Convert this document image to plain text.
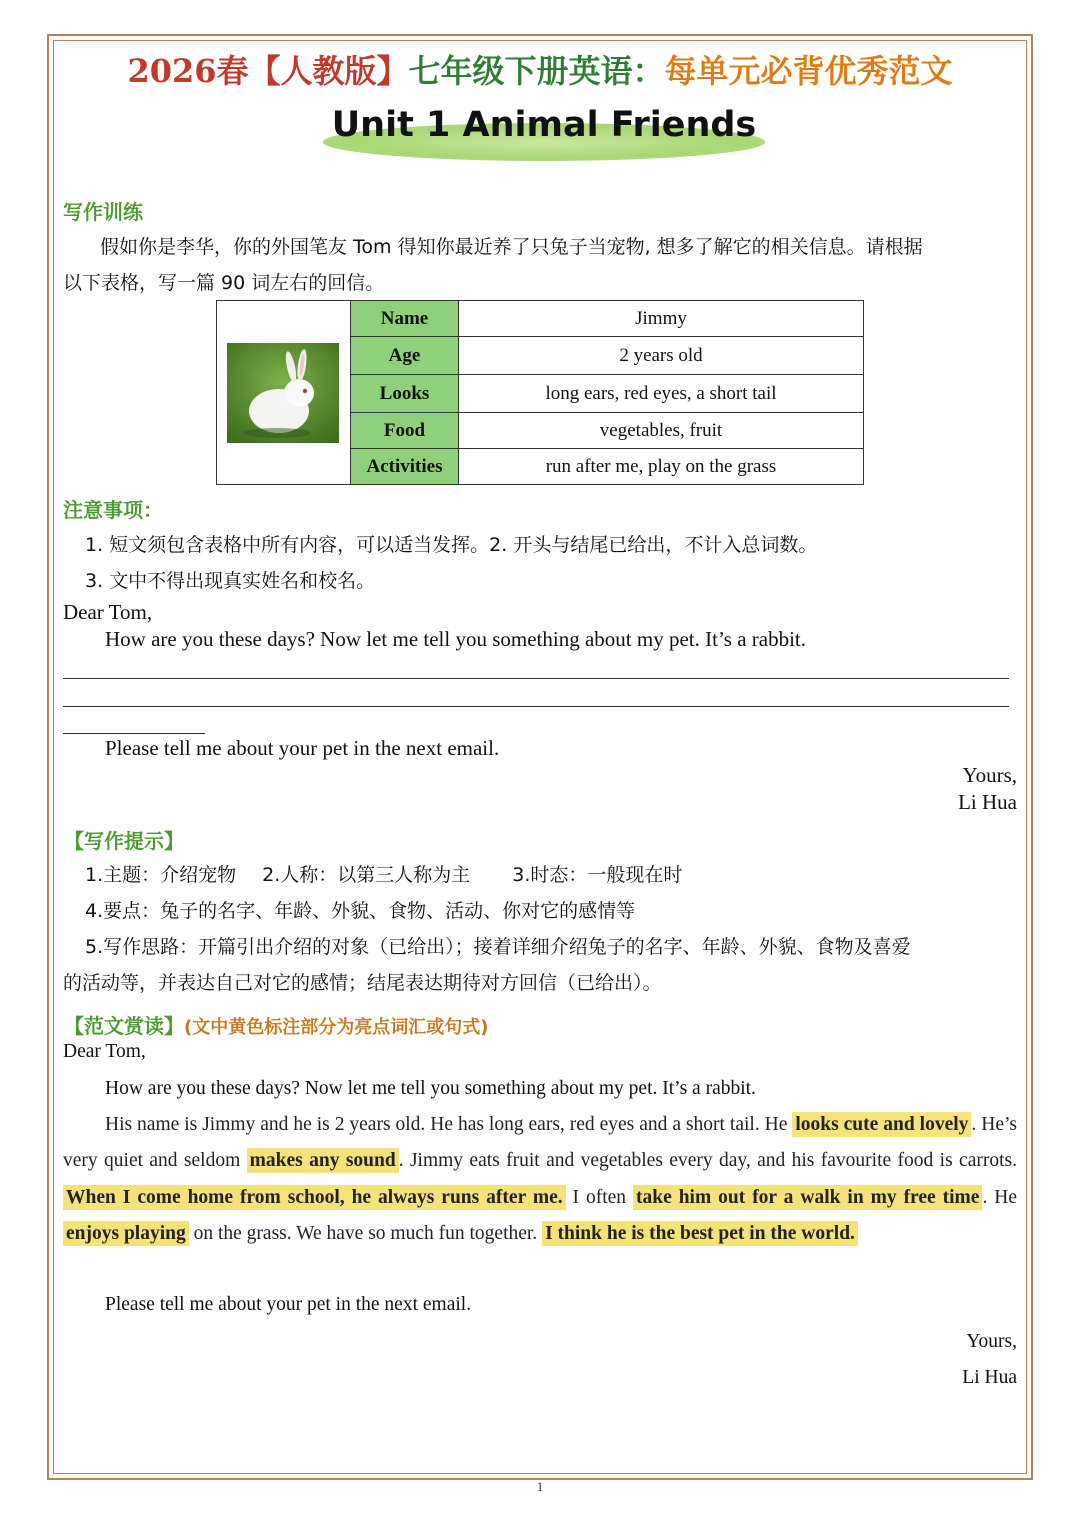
2026春【人教版】七年级下册英语：每单元必背优秀范文
Unit 1 Animal Friends
写作训练
假如你是李华，你的外国笔友 Tom 得知你最近养了只兔子当宠物, 想多了解它的相关信息。请根据
以下表格，写一篇 90 词左右的回信。
Name	Jimmy
Age	2 years old
Looks	long ears, red eyes, a short tail
Food	vegetables, fruit
Activities	run after me, play on the grass
注意事项：
1. 短文须包含表格中所有内容，可以适当发挥。2. 开头与结尾已给出，不计入总词数。
3. 文中不得出现真实姓名和校名。
Dear Tom,
How are you these days? Now let me tell you something about my pet. It’s a rabbit.
Please tell me about your pet in the next email.
Yours,
Li Hua
【写作提示】
1.主题：介绍宠物 2.人称：以第三人称为主 3.时态：一般现在时
4.要点：兔子的名字、年龄、外貌、食物、活动、你对它的感情等
5.写作思路：开篇引出介绍的对象（已给出）；接着详细介绍兔子的名字、年龄、外貌、食物及喜爱
的活动等，并表达自己对它的感情；结尾表达期待对方回信（已给出）。
【范文赏读】(文中黄色标注部分为亮点词汇或句式)
Dear Tom,
How are you these days? Now let me tell you something about my pet. It’s a rabbit.

His name is Jimmy and he is 2 years old. He has long ears, red eyes and a short tail. He looks cute and lovely . He’s very quiet and seldom makes any sound . Jimmy eats fruit and vegetables every day, and his favourite food is carrots. When I come home from school, he always runs after me. I often take him out for a walk in my free time . He enjoys playing on the grass. We have so much fun together. I think he is the best pet in the world.

Please tell me about your pet in the next email.
Yours,
Li Hua
1
